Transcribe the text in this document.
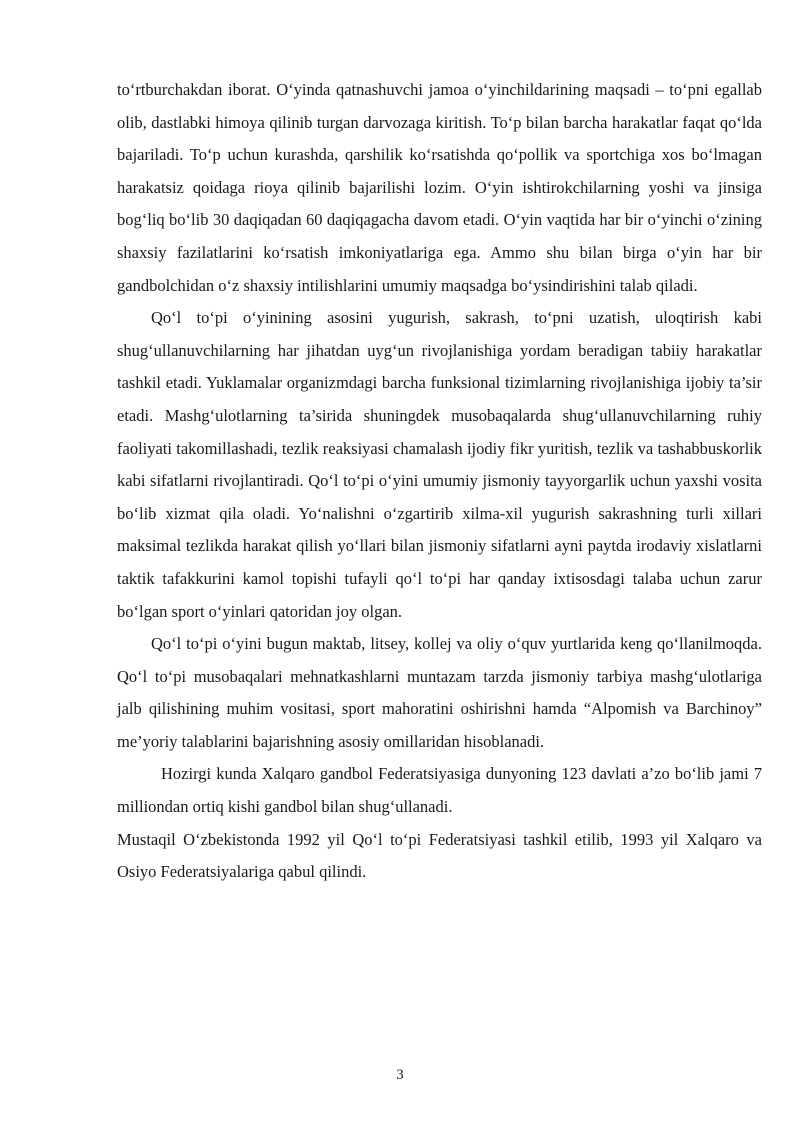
to‘rtburchakdan iborat. O‘yinda qatnashuvchi jamoa o‘yinchildarining maqsadi – to‘pni egallab olib, dastlabki himoya qilinib turgan darvozaga kiritish. To‘p bilan barcha harakatlar faqat qo‘lda bajariladi. To‘p uchun kurashda, qarshilik ko‘rsatishda qo‘pollik va sportchiga xos bo‘lmagan harakatsiz qoidaga rioya qilinib bajarilishi lozim. O‘yin ishtirokchilarning yoshi va jinsiga bog‘liq bo‘lib 30 daqiqadan 60 daqiqagacha davom etadi. O‘yin vaqtida har bir o‘yinchi o‘zining shaxsiy fazilatlarini ko‘rsatish imkoniyatlariga ega. Ammo shu bilan birga o‘yin har bir gandbolchidan o‘z shaxsiy intilishlarini umumiy maqsadga bo‘ysindirishini talab qiladi.

Qo‘l to‘pi o‘yinining asosini yugurish, sakrash, to‘pni uzatish, uloqtirish kabi shug‘ullanuvchilarning har jihatdan uyg‘un rivojlanishiga yordam beradigan tabiiy harakatlar tashkil etadi. Yuklamalar organizmdagi barcha funksional tizimlarning rivojlanishiga ijobiy ta’sir etadi. Mashg‘ulotlarning ta’sirida shuningdek musobaqalarda shug‘ullanuvchilarning ruhiy faoliyati takomillashadi, tezlik reaksiyasi chamalash ijodiy fikr yuritish, tezlik va tashabbuskorlik kabi sifatlarni rivojlantiradi. Qo‘l to‘pi o‘yini umumiy jismoniy tayyorgarlik uchun yaxshi vosita bo‘lib xizmat qila oladi. Yo‘nalishni o‘zgartirib xilma-xil yugurish sakrashning turli xillari maksimal tezlikda harakat qilish yo‘llari bilan jismoniy sifatlarni ayni paytda irodaviy xislatlarni taktik tafakkurini kamol topishi tufayli qo‘l to‘pi har qanday ixtisosdagi talaba uchun zarur bo‘lgan sport o‘yinlari qatoridan joy olgan.

Qo‘l to‘pi o‘yini bugun maktab, litsey, kollej va oliy o‘quv yurtlarida keng qo‘llanilmoqda. Qo‘l to‘pi musobaqalari mehnatkashlarni muntazam tarzda jismoniy tarbiya mashg‘ulotlariga jalb qilishining muhim vositasi, sport mahoratini oshirishni hamda “Alpomish va Barchinoy” me’yoriy talablarini bajarishning asosiy omillaridan hisoblanadi.

Hozirgi kunda Xalqaro gandbol Federatsiyasiga dunyoning 123 davlati a’zo bo‘lib jami 7 milliondan ortiq kishi gandbol bilan shug‘ullanadi.

Mustaqil O‘zbekistonda 1992 yil Qo‘l to‘pi Federatsiyasi tashkil etilib, 1993 yil Xalqaro va Osiyo Federatsiyalariga qabul qilindi.

3
